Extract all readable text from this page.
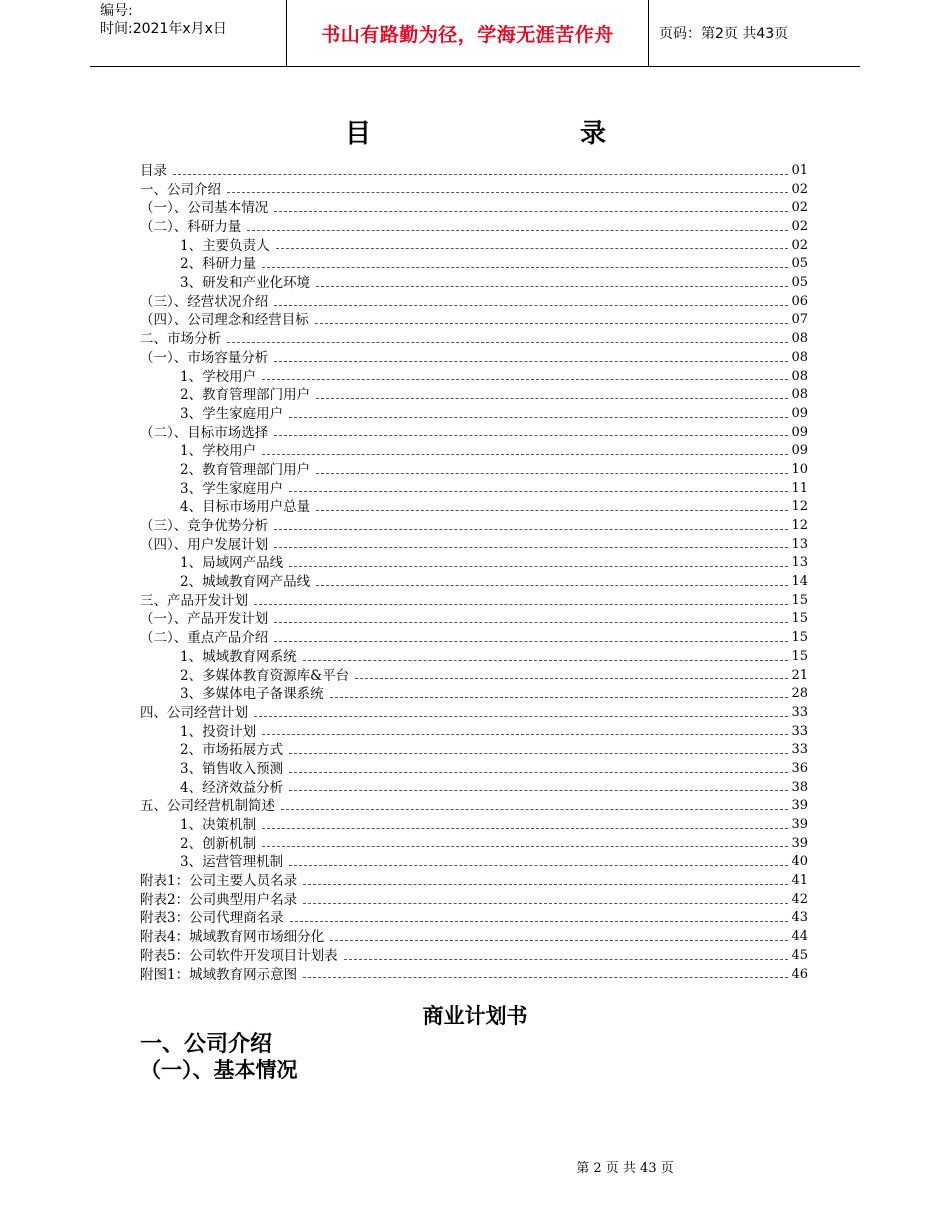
编号:
时间:2021年x月x日	书山有路勤为径，学海无涯苦作舟	页码：第2页 共43页
目	录
目录	01
一、公司介绍	02
（一）、公司基本情况	02
（二）、科研力量	02
1、主要负责人	02
2、科研力量	05
3、研发和产业化环境	05
（三）、经营状况介绍	06
（四）、公司理念和经营目标	07
二、市场分析	08
（一）、市场容量分析	08
1、学校用户	08
2、教育管理部门用户	08
3、学生家庭用户	09
（二）、目标市场选择	09
1、学校用户	09
2、教育管理部门用户	10
3、学生家庭用户	11
4、目标市场用户总量	12
（三）、竞争优势分析	12
（四）、用户发展计划	13
1、局域网产品线	13
2、城域教育网产品线	14
三、产品开发计划	15
（一）、产品开发计划	15
（二）、重点产品介绍	15
1、城域教育网系统	15
2、多媒体教育资源库&平台	21
3、多媒体电子备课系统	28
四、公司经营计划	33
1、投资计划	33
2、市场拓展方式	33
3、销售收入预测	36
4、经济效益分析	38
五、公司经营机制简述	39
1、决策机制	39
2、创新机制	39
3、运营管理机制	40
附表1：公司主要人员名录	41
附表2：公司典型用户名录	42
附表3：公司代理商名录	43
附表4：城域教育网市场细分化	44
附表5：公司软件开发项目计划表	45
附图1：城域教育网示意图	46
商业计划书
一、公司介绍
（一）、基本情况
第 2 页 共 43 页
